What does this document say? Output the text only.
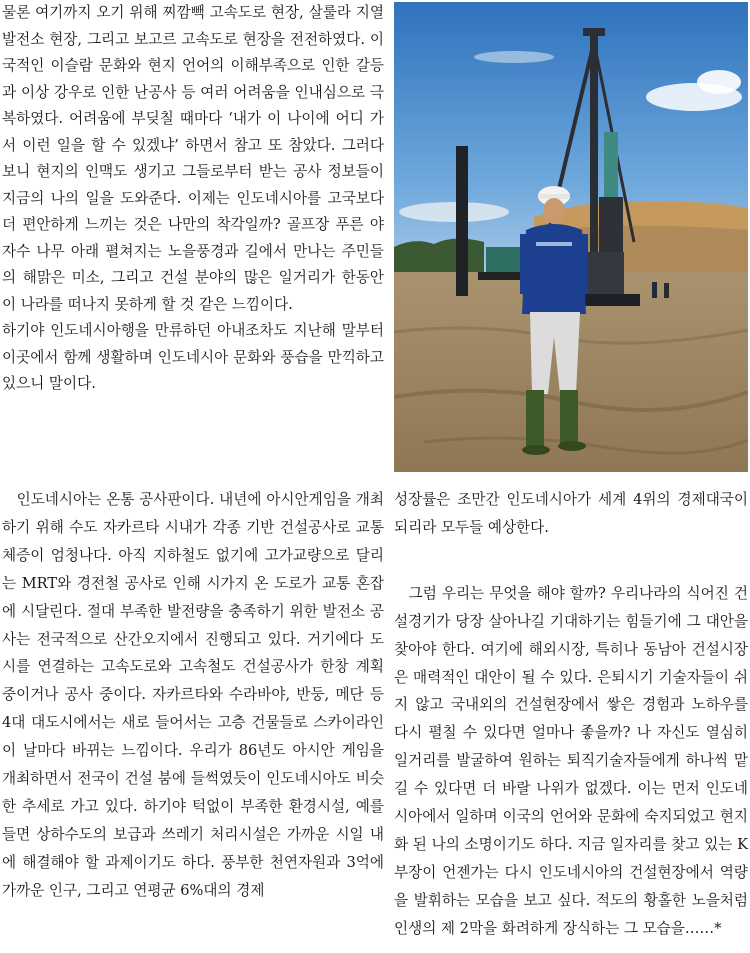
물론 여기까지 오기 위해 찌깜빽 고속도로 현장, 살룰라 지열 발전소 현장, 그리고 보고르 고속도로 현장을 전전하였다. 이국적인 이슬람 문화와 현지 언어의 이해부족으로 인한 갈등과 이상 강우로 인한 난공사 등 여러 어려움을 인내심으로 극복하였다. 어려움에 부딪칠 때마다 ‘내가 이 나이에 어디 가서 이런 일을 할 수 있겠냐’ 하면서 참고 또 참았다. 그러다 보니 현지의 인맥도 생기고 그들로부터 받는 공사 정보들이 지금의 나의 일을 도와준다. 이제는 인도네시아를 고국보다 더 편안하게 느끼는 것은 나만의 착각일까? 골프장 푸른 야자수 나무 아래 펼쳐지는 노을풍경과 길에서 만나는 주민들의 해맑은 미소, 그리고 건설 분야의 많은 일거리가 한동안 이 나라를 떠나지 못하게 할 것 같은 느낌이다.

하기야 인도네시아행을 만류하던 아내조차도 지난해 말부터 이곳에서 함께 생활하며 인도네시아 문화와 풍습을 만끽하고 있으니 말이다.

인도네시아는 온통 공사판이다. 내년에 아시안게임을 개최하기 위해 수도 자카르타 시내가 각종 기반 건설공사로 교통체증이 엄청나다. 아직 지하철도 없기에 고가교량으로 달리는 MRT와 경전철 공사로 인해 시가지 온 도로가 교통 혼잡에 시달린다. 절대 부족한 발전량을 충족하기 위한 발전소 공사는 전국적으로 산간오지에서 진행되고 있다. 거기에다 도시를 연결하는 고속도로와 고속철도 건설공사가 한창 계획 중이거나 공사 중이다. 자카르타와 수라바야, 반둥, 메단 등 4대 대도시에서는 새로 들어서는 고층 건물들로 스카이라인이 날마다 바뀌는 느낌이다. 우리가 86년도 아시안 게임을 개최하면서 전국이 건설 붐에 들썩였듯이 인도네시아도 비슷한 추세로 가고 있다. 하기야 턱없이 부족한 환경시설, 예를 들면 상하수도의 보급과 쓰레기 처리시설은 가까운 시일 내에 해결해야 할 과제이기도 하다. 풍부한 천연자원과 3억에 가까운 인구, 그리고 연평균 6%대의 경제

성장률은 조만간 인도네시아가 세계 4위의 경제대국이 되리라 모두들 예상한다.

그럼 우리는 무엇을 해야 할까? 우리나라의 식어진 건설경기가 당장 살아나길 기대하기는 힘들기에 그 대안을 찾아야 한다. 여기에 해외시장, 특히나 동남아 건설시장은 매력적인 대안이 될 수 있다. 은퇴시기 기술자들이 쉬지 않고 국내외의 건설현장에서 쌓은 경험과 노하우를 다시 펼칠 수 있다면 얼마나 좋을까? 나 자신도 열심히 일거리를 발굴하여 원하는 퇴직기술자들에게 하나씩 맡길 수 있다면 더 바랄 나위가 없겠다. 이는 먼저 인도네시아에서 일하며 이국의 언어와 문화에 숙지되었고 현지화 된 나의 소명이기도 하다. 지금 일자리를 찾고 있는 K부장이 언젠가는 다시 인도네시아의 건설현장에서 역량을 발휘하는 모습을 보고 싶다. 적도의 황홀한 노을처럼 인생의 제 2막을 화려하게 장식하는 그 모습을……*
